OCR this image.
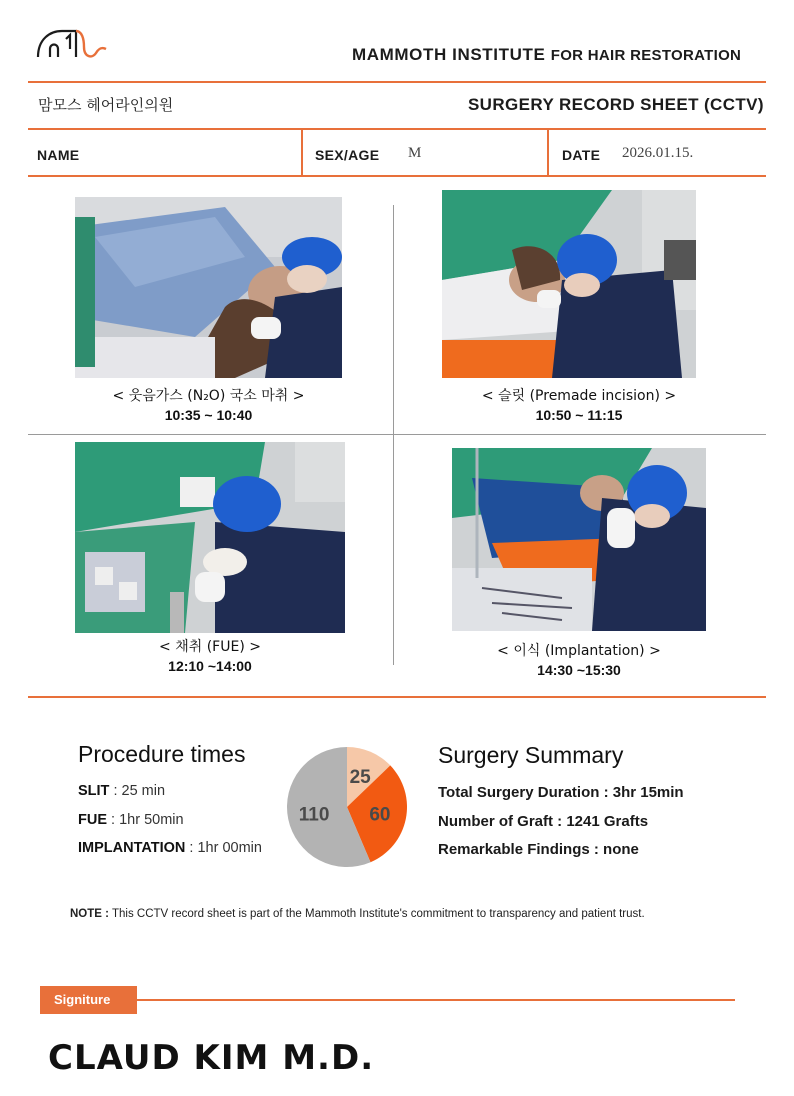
MAMMOTH INSTITUTE FOR HAIR RESTORATION
맘모스 헤어라인의원	SURGERY RECORD SHEET (CCTV)
NAME	SEX/AGE M	DATE 2026.01.15.
< 웃음가스 (N₂O) 국소 마취 >
10:35 ~ 10:40
< 슬릿 (Premade incision) >
10:50 ~ 11:15
< 채취 (FUE) >
12:10 ~14:00
< 이식 (Implantation) >
14:30 ~15:30
Procedure times
SLIT : 25 min
FUE : 1hr 50min
IMPLANTATION : 1hr 00min
25
60
110
Surgery Summary
Total Surgery Duration : 3hr 15min
Number of Graft : 1241 Grafts
Remarkable Findings : none
NOTE : This CCTV record sheet is part of the Mammoth Institute's commitment to transparency and patient trust.
Signiture
CLAUD KIM M.D.
